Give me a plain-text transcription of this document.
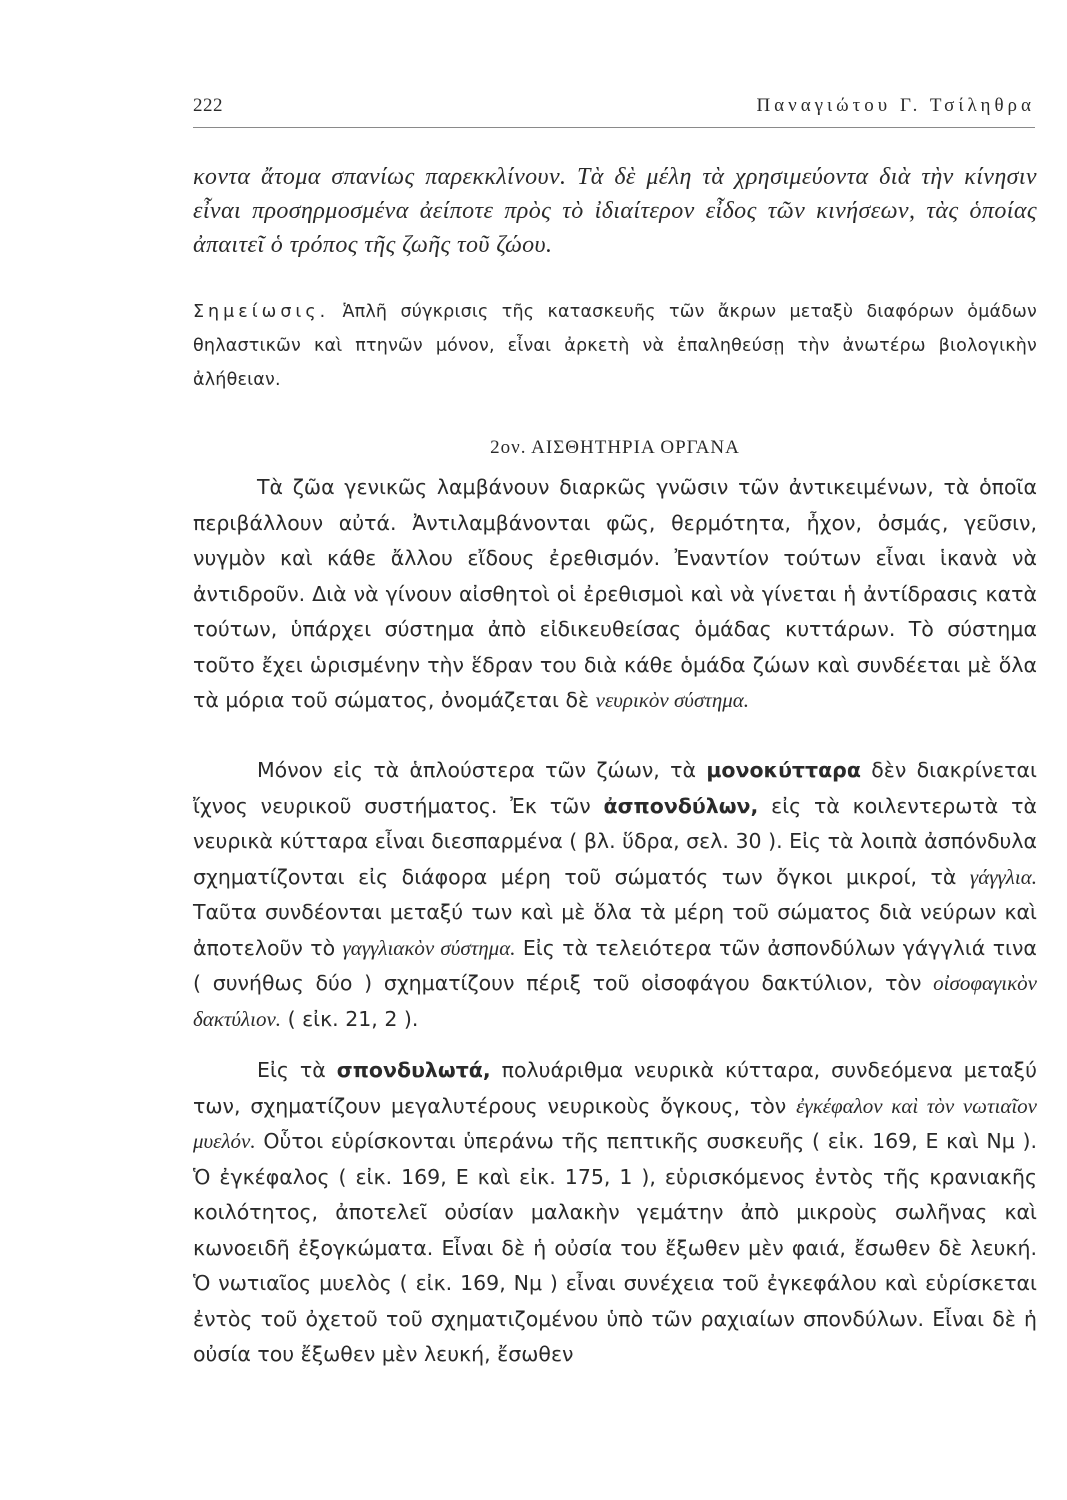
222	Παναγιώτου Γ. Τσίληθρα

κοντα ἄτομα σπανίως παρεκκλίνουν. Τὰ δὲ μέλη τὰ χρησιμεύοντα διὰ τὴν κίνησιν εἶναι προσηρμοσμένα ἀείποτε πρὸς τὸ ἰδιαίτερον εἶδος τῶν κινήσεων, τὰς ὁποίας ἀπαιτεῖ ὁ τρόπος τῆς ζωῆς τοῦ ζώου.

Σημείωσις. Ἁπλῆ σύγκρισις τῆς κατασκευῆς τῶν ἄκρων μεταξὺ διαφόρων ὁμάδων θηλαστικῶν καὶ πτηνῶν μόνον, εἶναι ἀρκετὴ νὰ ἐπαληθεύσῃ τὴν ἀνωτέρω βιολογικὴν ἀλήθειαν.

2ον. ΑΙΣΘΗΤΗΡΙΑ ΟΡΓΑΝΑ

Τὰ ζῶα γενικῶς λαμβάνουν διαρκῶς γνῶσιν τῶν ἀντικειμένων, τὰ ὁποῖα περιβάλλουν αὐτά. Ἀντιλαμβάνονται φῶς, θερμότητα, ἦχον, ὀσμάς, γεῦσιν, νυγμὸν καὶ κάθε ἄλλου εἴδους ἐρεθισμόν. Ἐναντίον τούτων εἶναι ἱκανὰ νὰ ἀντιδροῦν. Διὰ νὰ γίνουν αἰσθητοὶ οἱ ἐρεθισμοὶ καὶ νὰ γίνεται ἡ ἀντίδρασις κατὰ τούτων, ὑπάρχει σύστημα ἀπὸ εἰδικευθείσας ὁμάδας κυττάρων. Τὸ σύστημα τοῦτο ἔχει ὡρισμένην τὴν ἕδραν του διὰ κάθε ὁμάδα ζώων καὶ συνδέεται μὲ ὅλα τὰ μόρια τοῦ σώματος, ὀνομάζεται δὲ νευρικὸν σύστημα.

Μόνον εἰς τὰ ἁπλούστερα τῶν ζώων, τὰ μονοκύτταρα δὲν διακρίνεται ἴχνος νευρικοῦ συστήματος. Ἐκ τῶν ἀσπονδύλων, εἰς τὰ κοιλεντερωτὰ τὰ νευρικὰ κύτταρα εἶναι διεσπαρμένα ( βλ. ὕδρα, σελ. 30 ). Εἰς τὰ λοιπὰ ἀσπόνδυλα σχηματίζονται εἰς διάφορα μέρη τοῦ σώματός των ὄγκοι μικροί, τὰ γάγγλια. Ταῦτα συνδέονται μεταξύ των καὶ μὲ ὅλα τὰ μέρη τοῦ σώματος διὰ νεύρων καὶ ἀποτελοῦν τὸ γαγγλιακὸν σύστημα. Εἰς τὰ τελειότερα τῶν ἀσπονδύλων γάγγλιά τινα ( συνήθως δύο ) σχηματίζουν πέριξ τοῦ οἰσοφάγου δακτύλιον, τὸν οἰσοφαγικὸν δακτύλιον. ( εἰκ. 21, 2 ).

Εἰς τὰ σπονδυλωτά, πολυάριθμα νευρικὰ κύτταρα, συνδεόμενα μεταξύ των, σχηματίζουν μεγαλυτέρους νευρικοὺς ὄγκους, τὸν ἐγκέφαλον καὶ τὸν νωτιαῖον μυελόν. Οὗτοι εὑρίσκονται ὑπεράνω τῆς πεπτικῆς συσκευῆς ( εἰκ. 169, Ε καὶ Νμ ). Ὁ ἐγκέφαλος ( εἰκ. 169, Ε καὶ εἰκ. 175, 1 ), εὑρισκόμενος ἐντὸς τῆς κρανιακῆς κοιλότητος, ἀποτελεῖ οὐσίαν μαλακὴν γεμάτην ἀπὸ μικροὺς σωλῆνας καὶ κωνοειδῆ ἐξογκώματα. Εἶναι δὲ ἡ οὐσία του ἔξωθεν μὲν φαιά, ἔσωθεν δὲ λευκή. Ὁ νωτιαῖος μυελὸς ( εἰκ. 169, Νμ ) εἶναι συνέχεια τοῦ ἐγκεφάλου καὶ εὑρίσκεται ἐντὸς τοῦ ὀχετοῦ τοῦ σχηματιζομένου ὑπὸ τῶν ραχιαίων σπονδύλων. Εἶναι δὲ ἡ οὐσία του ἔξωθεν μὲν λευκή, ἔσωθεν
